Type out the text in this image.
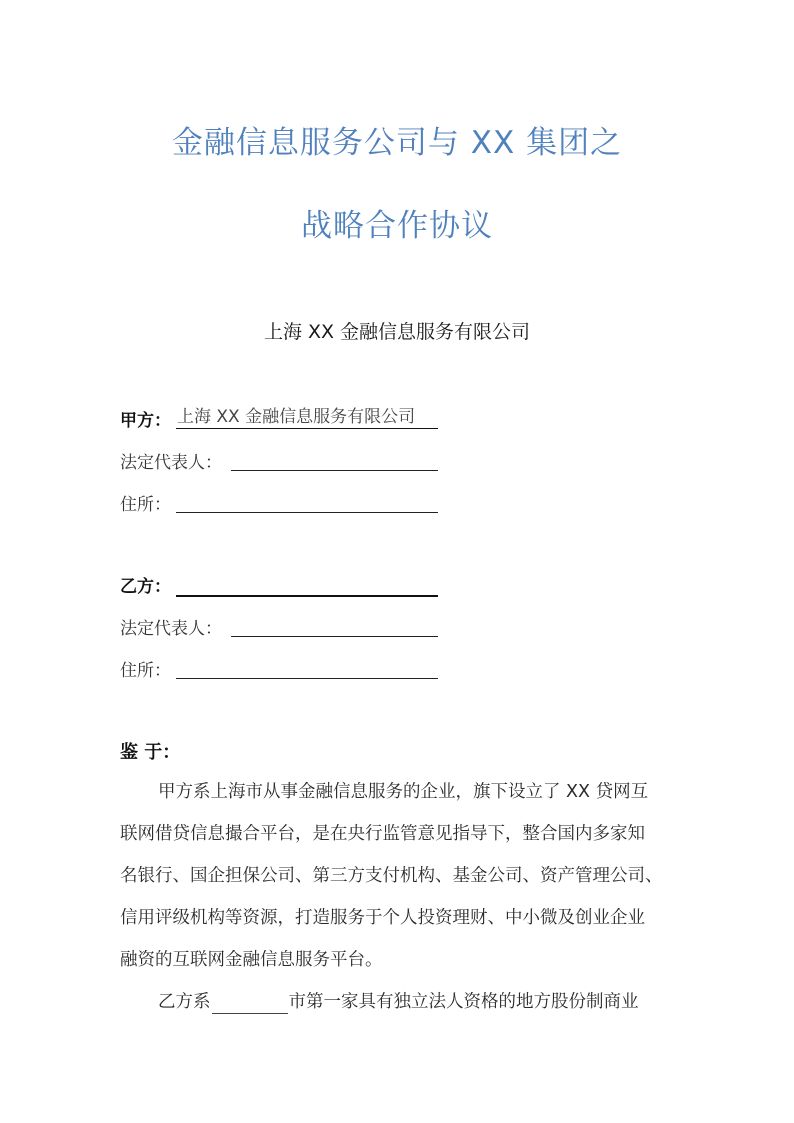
金融信息服务公司与 XX 集团之
战略合作协议
上海 XX 金融信息服务有限公司
甲方： 上海 XX 金融信息服务有限公司
法定代表人：
住所：
乙方：
法定代表人：
住所：
鉴 于：
甲方系上海市从事金融信息服务的企业，旗下设立了 XX 贷网互
联网借贷信息撮合平台，是在央行监管意见指导下，整合国内多家知
名银行、国企担保公司、第三方支付机构、基金公司、资产管理公司、
信用评级机构等资源，打造服务于个人投资理财、中小微及创业企业
融资的互联网金融信息服务平台。
乙方系	市第一家具有独立法人资格的地方股份制商业
